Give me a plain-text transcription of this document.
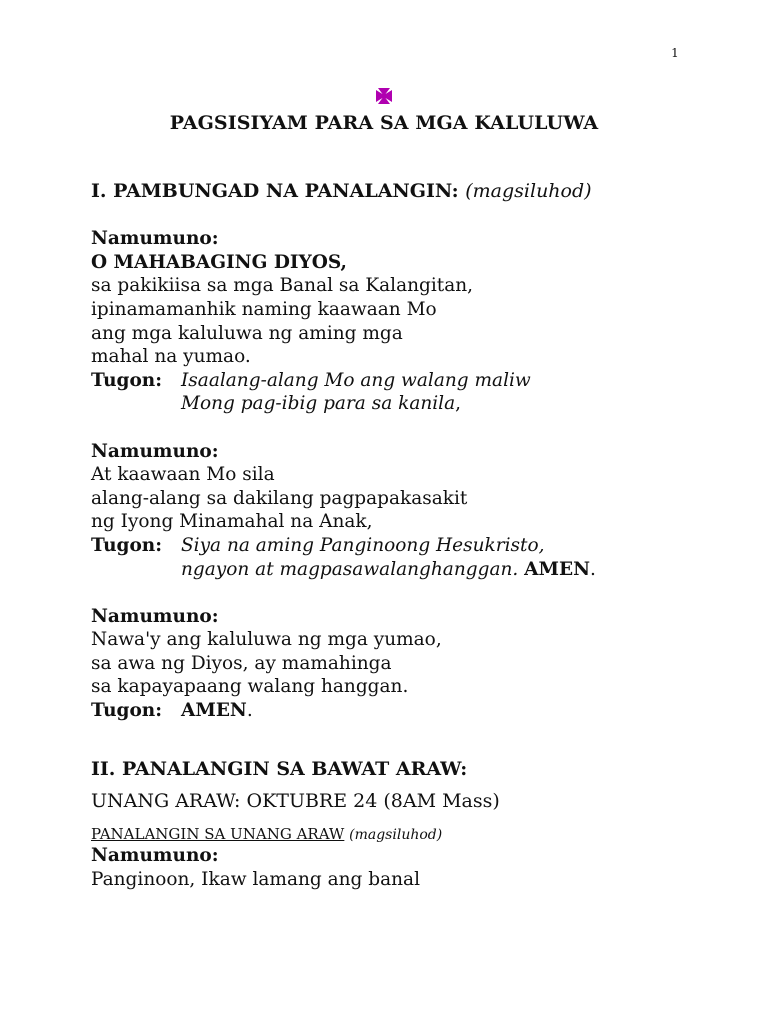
1
PAGSISIYAM PARA SA MGA KALULUWA
I. PAMBUNGAD NA PANALANGIN: (magsiluhod)
Namumuno:
O MAHABAGING DIYOS,
sa pakikiisa sa mga Banal sa Kalangitan,
ipinamamanhik naming kaawaan Mo
ang mga kaluluwa ng aming mga
mahal na yumao.
Tugon:	Isaalang-alang Mo ang walang maliw
Mong pag-ibig para sa kanila,
Namumuno:
At kaawaan Mo sila
alang-alang sa dakilang pagpapakasakit
ng Iyong Minamahal na Anak,
Tugon:	Siya na aming Panginoong Hesukristo,
ngayon at magpasawalanghanggan. AMEN.
Namumuno:
Nawa'y ang kaluluwa ng mga yumao,
sa awa ng Diyos, ay mamahinga
sa kapayapaang walang hanggan.
Tugon:	AMEN.
II. PANALANGIN SA BAWAT ARAW:
UNANG ARAW: OKTUBRE 24 (8AM Mass)
PANALANGIN SA UNANG ARAW (magsiluhod)
Namumuno:
Panginoon, Ikaw lamang ang banal
